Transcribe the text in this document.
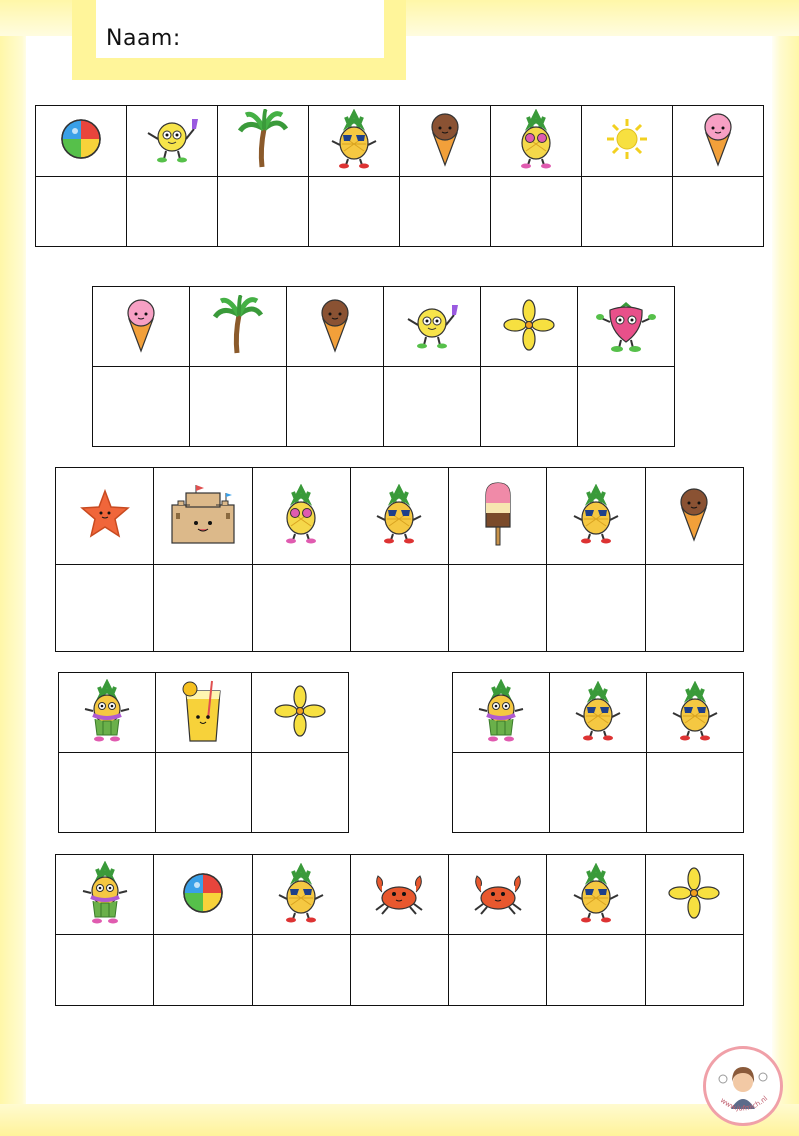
Naam:

www.jufmich.nl
